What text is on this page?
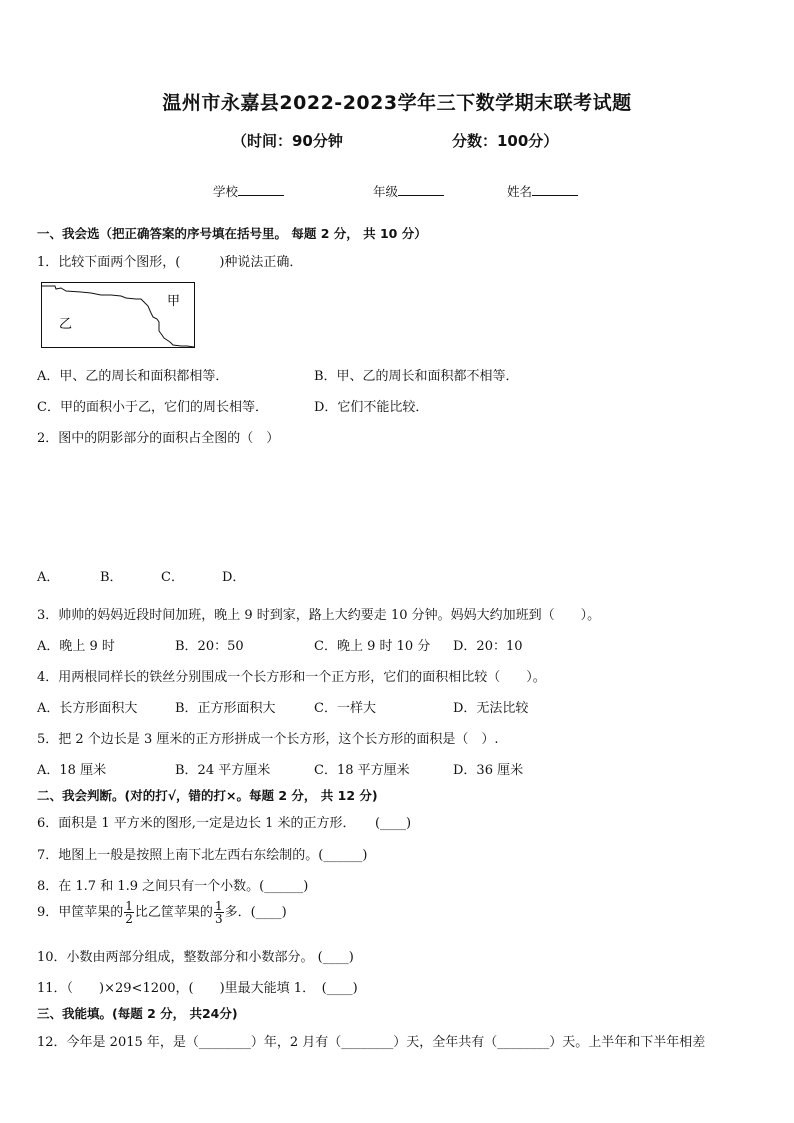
温州市永嘉县2022-2023学年三下数学期末联考试题
（时间：90分钟	分数：100分）
学校	年级	姓名
一、我会选（把正确答案的序号填在括号里。 每题 2 分， 共 10 分）
1．比较下面两个图形，(　　　)种说法正确．
甲
乙
A．甲、乙的周长和面积都相等．	B．甲、乙的周长和面积都不相等．
C．甲的面积小于乙，它们的周长相等．	D．它们不能比较．
2．图中的阴影部分的面积占全图的（　）
A．	B．	C．	D．
3．帅帅的妈妈近段时间加班，晚上 9 时到家，路上大约要走 10 分钟。妈妈大约加班到（　　）。
A．晚上 9 时	B．20：50	C．晚上 9 时 10 分 D．20：10
4．用两根同样长的铁丝分别围成一个长方形和一个正方形，它们的面积相比较（　　）。
A．长方形面积大	B．正方形面积大	C．一样大	D．无法比较
5．把 2 个边长是 3 厘米的正方形拼成一个长方形，这个长方形的面积是（　）.
A．18 厘米	B．24 平方厘米	C．18 平方厘米	D．36 厘米
二、我会判断。(对的打√，错的打×。每题 2 分， 共 12 分)
6．面积是 1 平方米的图形,一定是边长 1 米的正方形．　　(____)
7．地图上一般是按照上南下北左西右东绘制的。(______)
8．在 1.7 和 1.9 之间只有一个小数。(______)
9．甲筐苹果的 $\frac{1}{2}$ 比乙筐苹果的 $\frac{1}{3}$ 多．(____)
10．小数由两部分组成，整数部分和小数部分。 (____)
11．（　　)×29<1200，(　　)里最大能填 1．　(____)
三、我能填。(每题 2 分， 共24分)
12．今年是 2015 年，是（________）年，2 月有（________）天，全年共有（________）天。上半年和下半年相差
